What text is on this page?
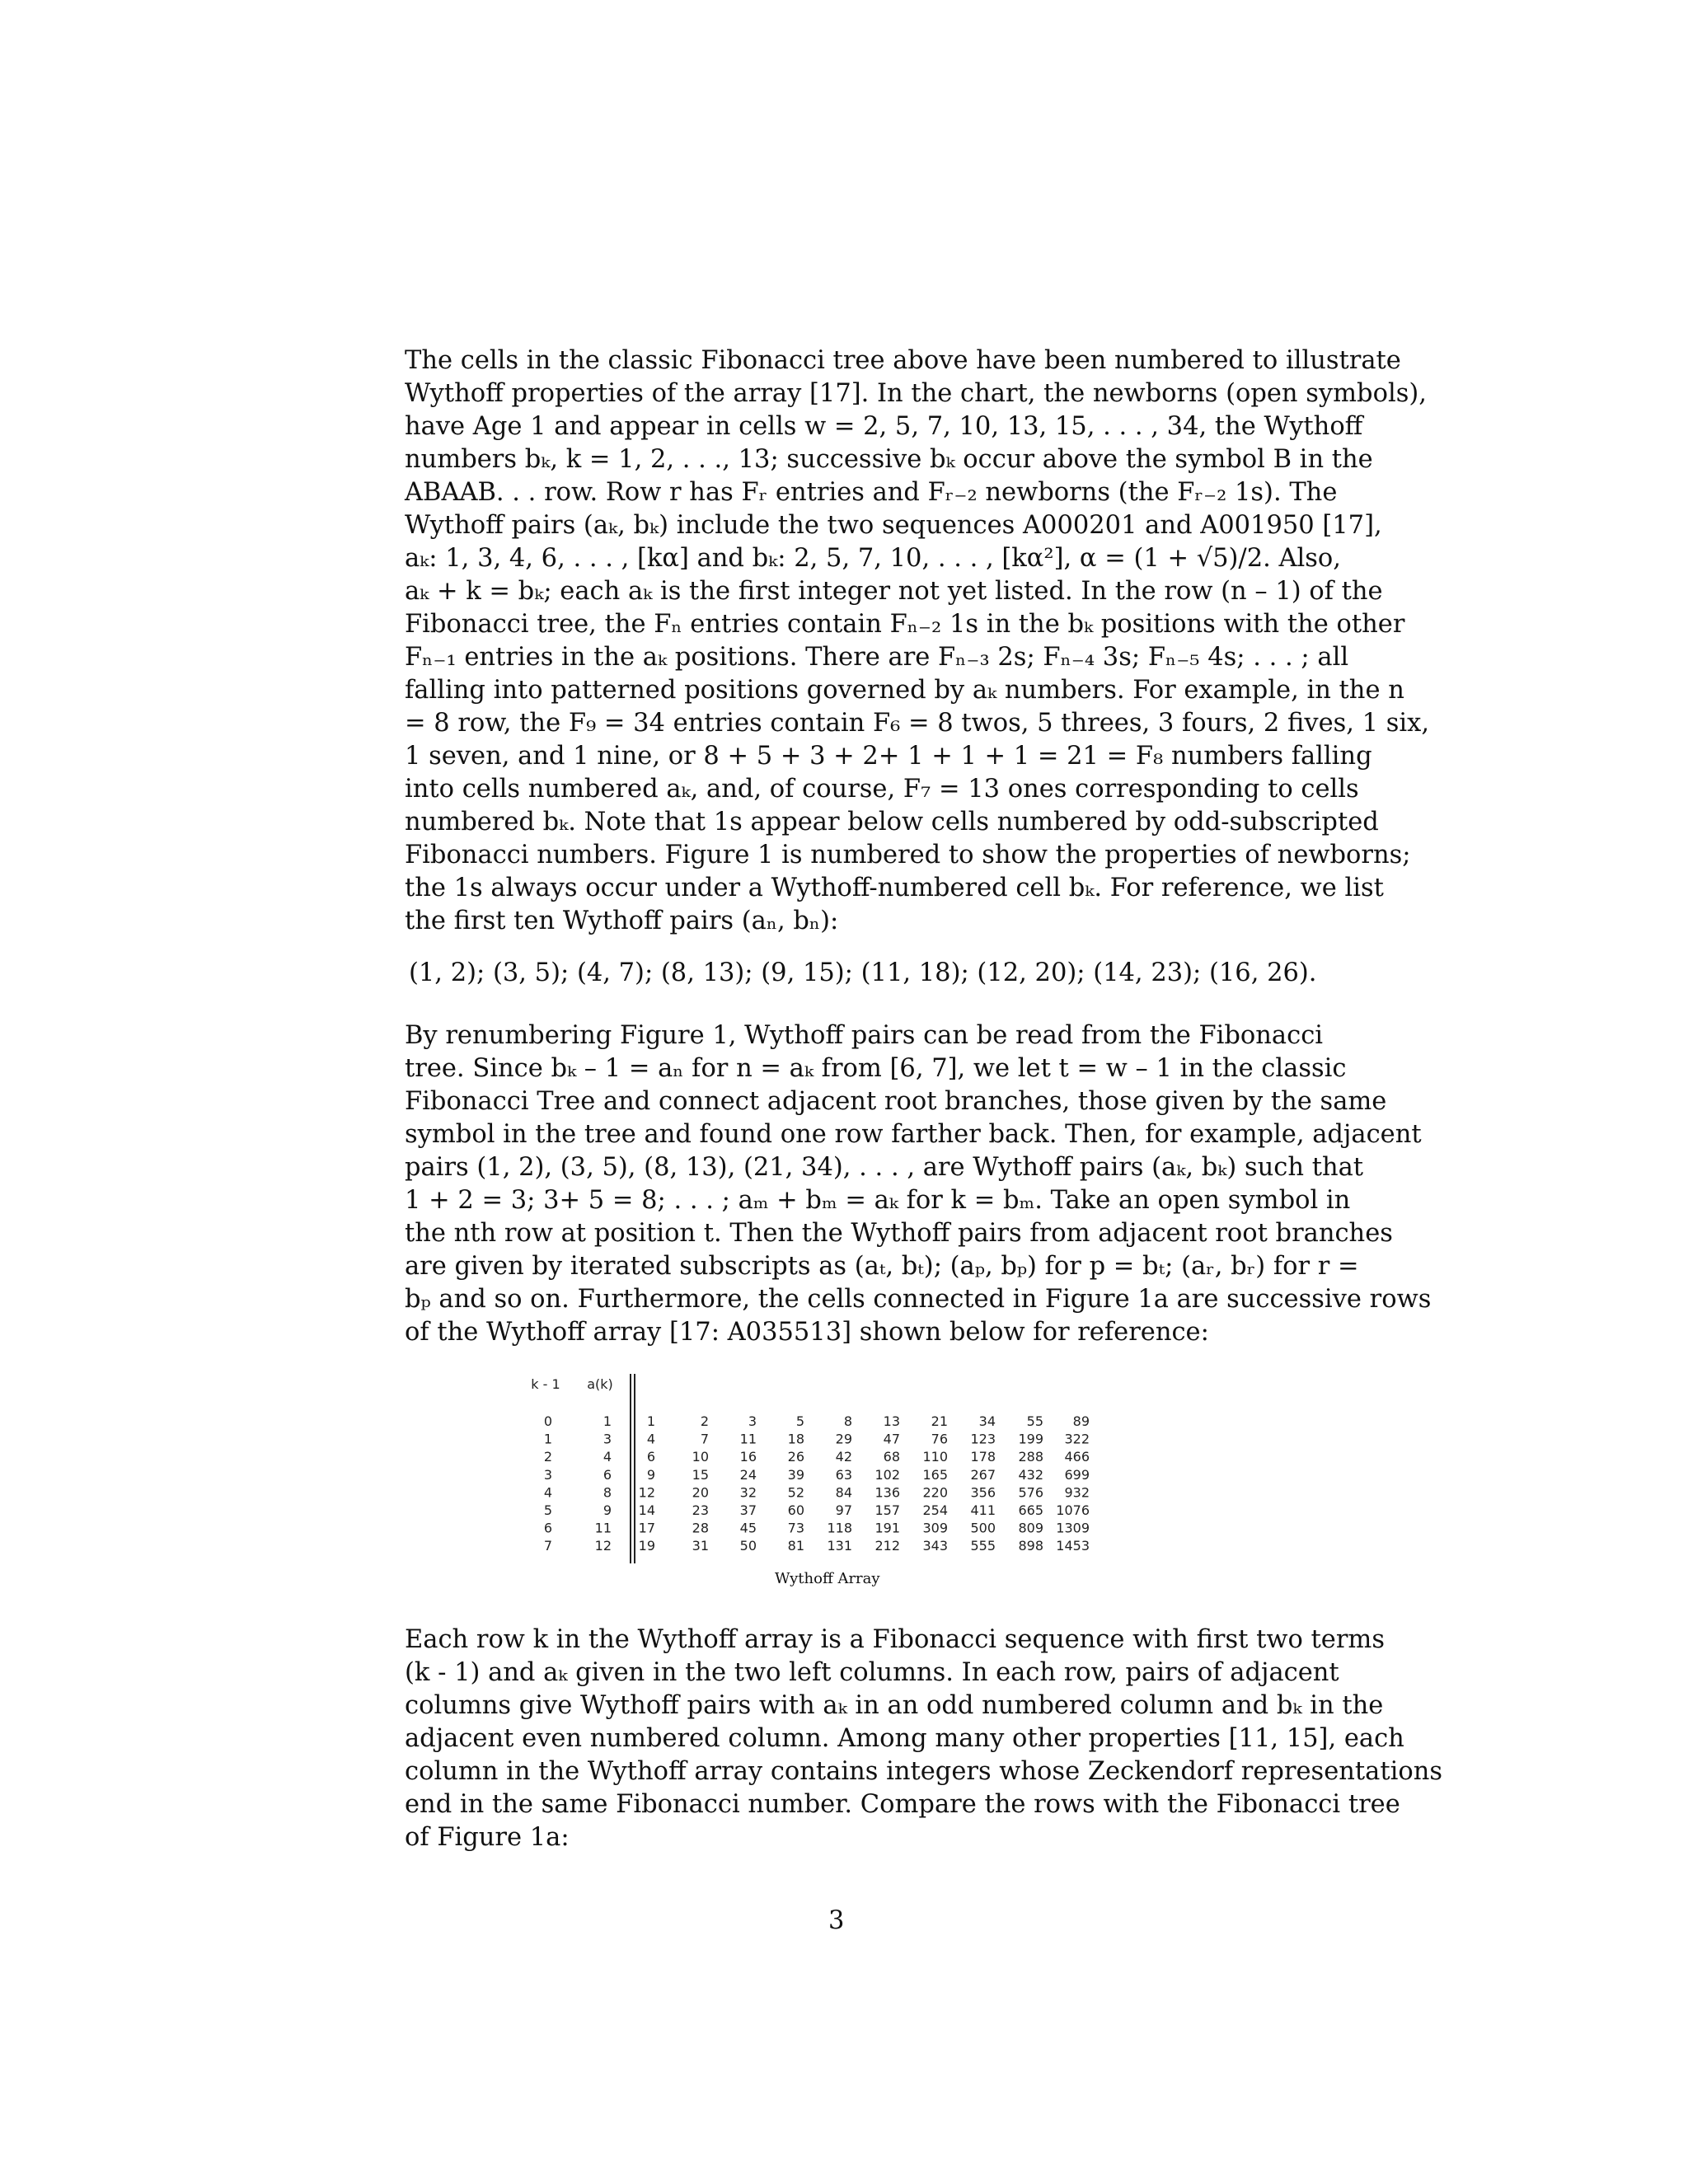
The cells in the classic Fibonacci tree above have been numbered to illustrate
Wythoff properties of the array [17]. In the chart, the newborns (open symbols),
have Age 1 and appear in cells w = 2, 5, 7, 10, 13, 15, . . . , 34, the Wythoff
numbers bₖ, k = 1, 2, . . ., 13; successive bₖ occur above the symbol B in the
ABAAB. . . row. Row r has Fᵣ entries and Fᵣ₋₂ newborns (the Fᵣ₋₂ 1s). The
Wythoff pairs (aₖ, bₖ) include the two sequences A000201 and A001950 [17],
aₖ: 1, 3, 4, 6, . . . , [kα] and bₖ: 2, 5, 7, 10, . . . , [kα²], α = (1 + √5)/2. Also,
aₖ + k = bₖ; each aₖ is the first integer not yet listed. In the row (n – 1) of the
Fibonacci tree, the Fₙ entries contain Fₙ₋₂ 1s in the bₖ positions with the other
Fₙ₋₁ entries in the aₖ positions. There are Fₙ₋₃ 2s; Fₙ₋₄ 3s; Fₙ₋₅ 4s; . . . ; all
falling into patterned positions governed by aₖ numbers. For example, in the n
= 8 row, the F₉ = 34 entries contain F₆ = 8 twos, 5 threes, 3 fours, 2 fives, 1 six,
1 seven, and 1 nine, or 8 + 5 + 3 + 2+ 1 + 1 + 1 = 21 = F₈ numbers falling
into cells numbered aₖ, and, of course, F₇ = 13 ones corresponding to cells
numbered bₖ. Note that 1s appear below cells numbered by odd-subscripted
Fibonacci numbers. Figure 1 is numbered to show the properties of newborns;
the 1s always occur under a Wythoff-numbered cell bₖ. For reference, we list
the first ten Wythoff pairs (aₙ, bₙ):

(1, 2); (3, 5); (4, 7); (8, 13); (9, 15); (11, 18); (12, 20); (14, 23); (16, 26).

By renumbering Figure 1, Wythoff pairs can be read from the Fibonacci
tree. Since bₖ – 1 = aₙ for n = aₖ from [6, 7], we let t = w – 1 in the classic
Fibonacci Tree and connect adjacent root branches, those given by the same
symbol in the tree and found one row farther back. Then, for example, adjacent
pairs (1, 2), (3, 5), (8, 13), (21, 34), . . . , are Wythoff pairs (aₖ, bₖ) such that
1 + 2 = 3; 3+ 5 = 8; . . . ; aₘ + bₘ = aₖ for k = bₘ. Take an open symbol in
the nth row at position t. Then the Wythoff pairs from adjacent root branches
are given by iterated subscripts as (aₜ, bₜ); (aₚ, bₚ) for p = bₜ; (aᵣ, bᵣ) for r =
bₚ and so on. Furthermore, the cells connected in Figure 1a are successive rows
of the Wythoff array [17: A035513] shown below for reference:

k - 1 a(k)
0	1	1	2	3	5	8 13 21 34 55 89
1	3	4	7 11 18 29 47 76 123 199 322
2	4	6	10 16 26 42 68 110 178 288 466
3	6	9	15 24 39 63 102 165 267 432 699
4	8 12	20 32 52 84 136 220 356 576 932
5	9 14	23 37 60 97 157 254 411 665 1076
6	11 17	28 45 73 118 191 309 500 809 1309
7	12 19	31 50 81 131 212 343 555 898 1453
Wythoff Array

Each row k in the Wythoff array is a Fibonacci sequence with first two terms
(k - 1) and aₖ given in the two left columns. In each row, pairs of adjacent
columns give Wythoff pairs with aₖ in an odd numbered column and bₖ in the
adjacent even numbered column. Among many other properties [11, 15], each
column in the Wythoff array contains integers whose Zeckendorf representations
end in the same Fibonacci number. Compare the rows with the Fibonacci tree
of Figure 1a:

3
